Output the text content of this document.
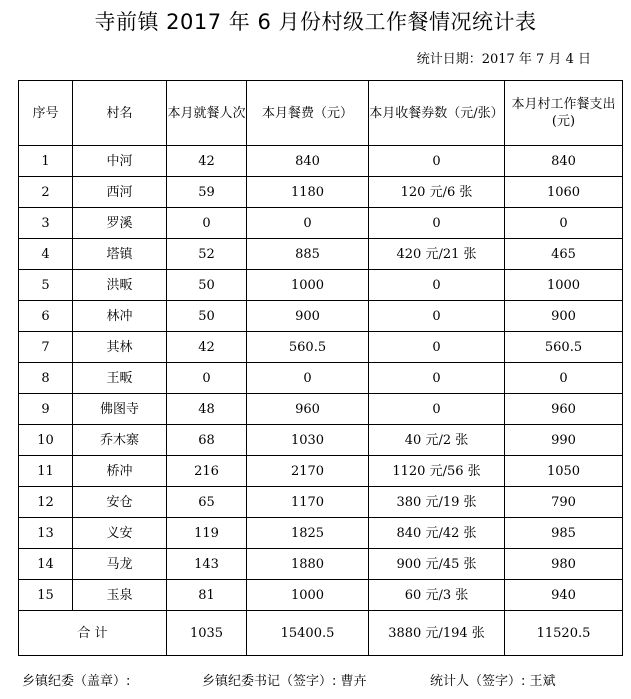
寺前镇 2017 年 6 月份村级工作餐情况统计表
统计日期：2017 年 7 月 4 日
序号	村名	本月就餐人次	本月餐费（元）	本月收餐券数（元/张）	本月村工作餐支出(元)
1	中河	42	840	0	840
2	西河	59	1180	120 元/6 张	1060
3	罗溪	0	0	0	0
4	塔镇	52	885	420 元/21 张	465
5	洪畈	50	1000	0	1000
6	林冲	50	900	0	900
7	其林	42	560.5	0	560.5
8	王畈	0	0	0	0
9	佛图寺	48	960	0	960
10	乔木寨	68	1030	40 元/2 张	990
11	桥冲	216	2170	1120 元/56 张	1050
12	安仓	65	1170	380 元/19 张	790
13	义安	119	1825	840 元/42 张	985
14	马龙	143	1880	900 元/45 张	980
15	玉泉	81	1000	60 元/3 张	940
合 计		1035	15400.5	3880 元/194 张	11520.5
乡镇纪委（盖章）:	乡镇纪委书记（签字）: 曹卉	统计人（签字）: 王斌
